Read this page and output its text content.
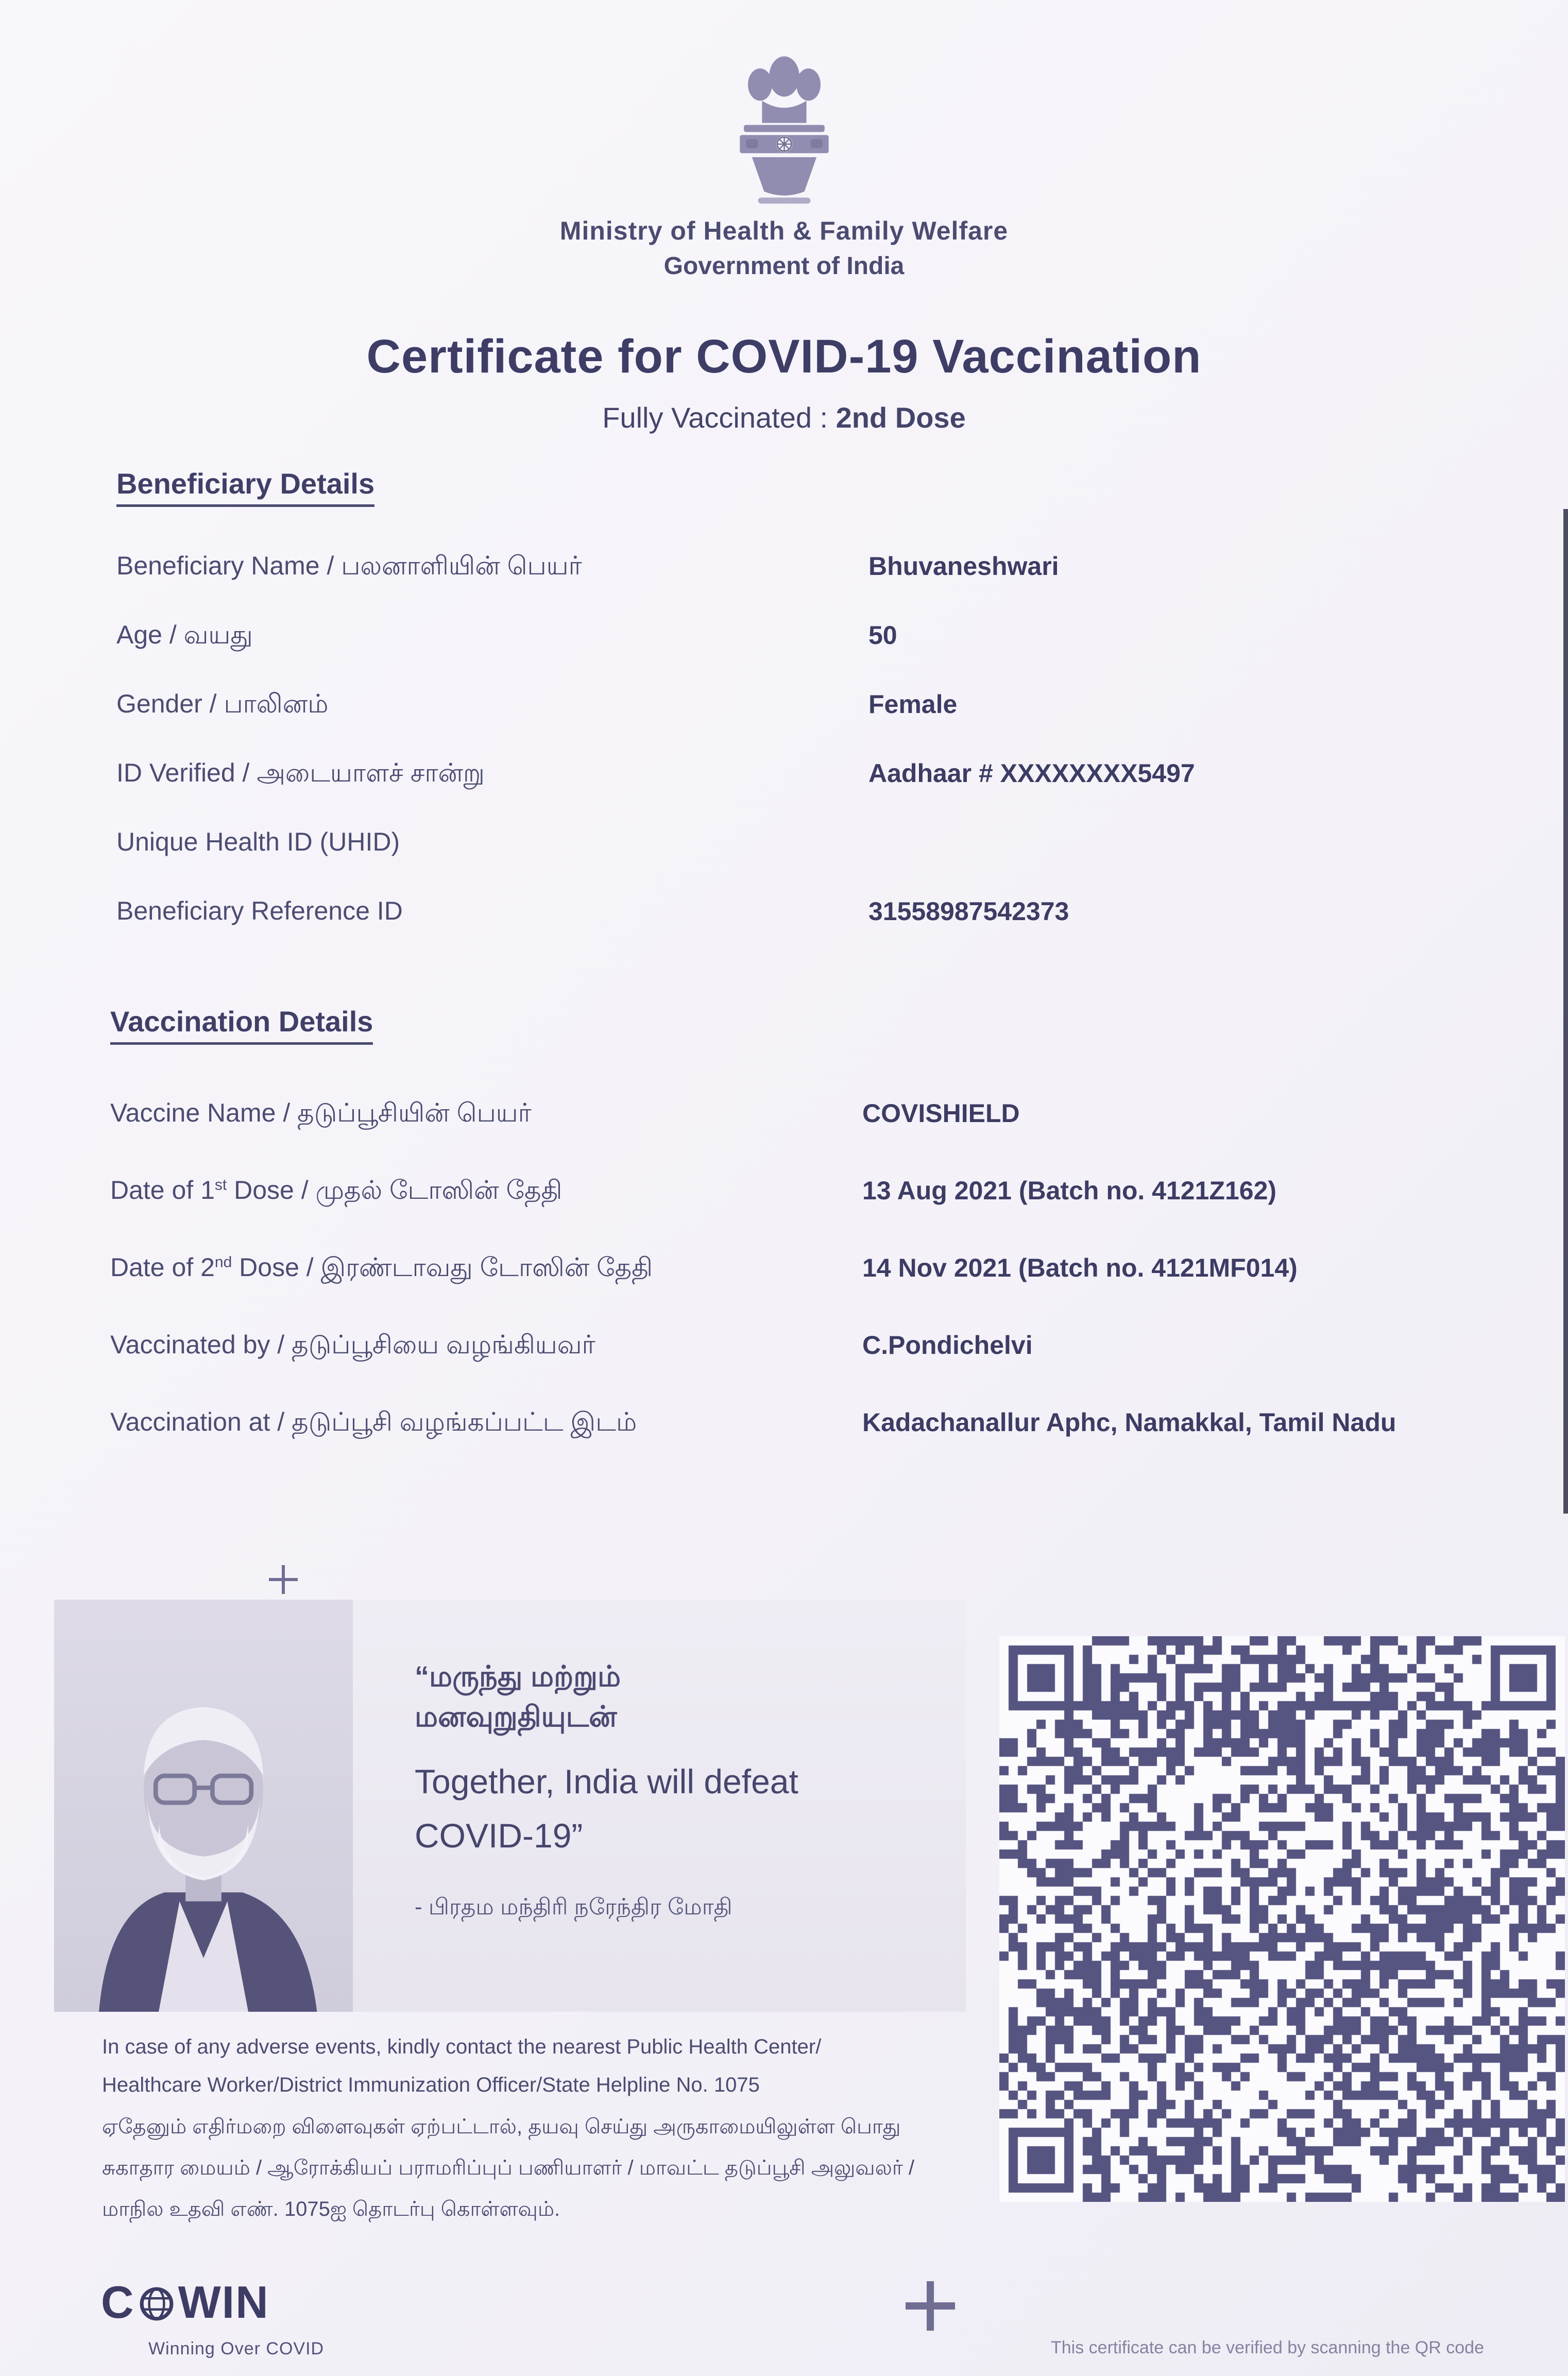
Ministry of Health & Family Welfare
Government of India
Certificate for COVID-19 Vaccination
Fully Vaccinated : 2nd Dose
Beneficiary Details
Beneficiary Name / பலனாளியின் பெயர்	Bhuvaneshwari
Age / வயது	50
Gender / பாலினம்	Female
ID Verified / அடையாளச் சான்று	Aadhaar # XXXXXXXX5497
Unique Health ID (UHID)
Beneficiary Reference ID	31558987542373
Vaccination Details
Vaccine Name / தடுப்பூசியின் பெயர்	COVISHIELD
Date of 1st Dose / முதல் டோஸின் தேதி	13 Aug 2021 (Batch no. 4121Z162)
Date of 2nd Dose / இரண்டாவது டோஸின் தேதி	14 Nov 2021 (Batch no. 4121MF014)
Vaccinated by / தடுப்பூசியை வழங்கியவர்	C.Pondichelvi
Vaccination at / தடுப்பூசி வழங்கப்பட்ட இடம்	Kadachanallur Aphc, Namakkal, Tamil Nadu
“மருந்து மற்றும்
மனவுறுதியுடன்
Together, India will defeat
COVID-19”
- பிரதம மந்திரி நரேந்திர மோதி
This certificate can be verified by scanning the QR code

In case of any adverse events, kindly contact the nearest Public Health Center/ Healthcare Worker/District Immunization Officer/State Helpline No. 1075

ஏதேனும் எதிர்மறை விளைவுகள் ஏற்பட்டால், தயவு செய்து அருகாமையிலுள்ள பொது சுகாதார மையம் / ஆரோக்கியப் பராமரிப்புப் பணியாளர் / மாவட்ட தடுப்பூசி அலுவலர் / மாநில உதவி எண். 1075ஐ தொடர்பு கொள்ளவும்.

C WIN
Winning Over COVID
